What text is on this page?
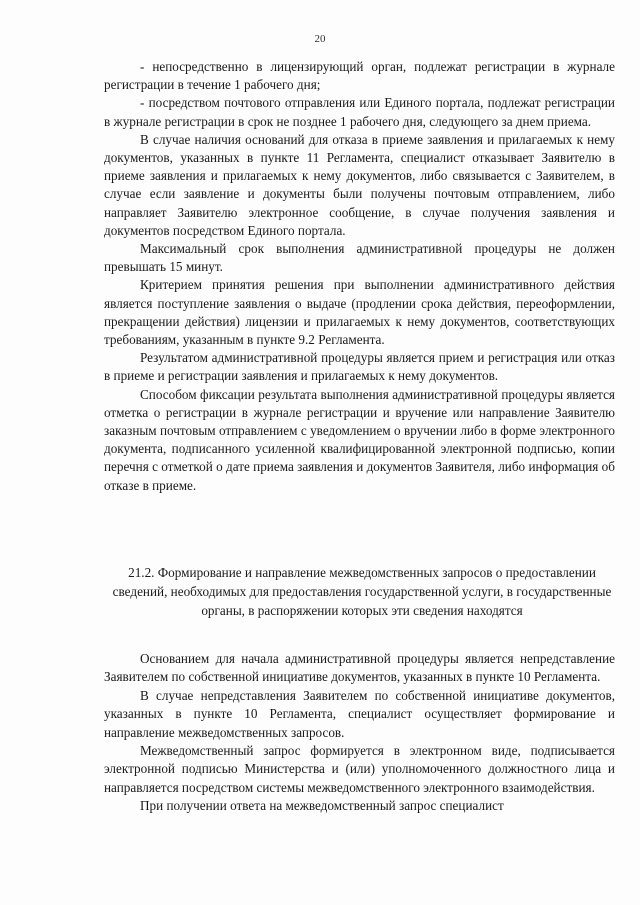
20

- непосредственно в лицензирующий орган, подлежат регистрации в журнале регистрации в течение 1 рабочего дня;

- посредством почтового отправления или Единого портала, подлежат регистрации в журнале регистрации в срок не позднее 1 рабочего дня, следующего за днем приема.

В случае наличия оснований для отказа в приеме заявления и прилагаемых к нему документов, указанных в пункте 11 Регламента, специалист отказывает Заявителю в приеме заявления и прилагаемых к нему документов, либо связывается с Заявителем, в случае если заявление и документы были получены почтовым отправлением, либо направляет Заявителю электронное сообщение, в случае получения заявления и документов посредством Единого портала.

Максимальный срок выполнения административной процедуры не должен превышать 15 минут.

Критерием принятия решения при выполнении административного действия является поступление заявления о выдаче (продлении срока действия, переоформлении, прекращении действия) лицензии и прилагаемых к нему документов, соответствующих требованиям, указанным в пункте 9.2 Регламента.

Результатом административной процедуры является прием и регистрация или отказ в приеме и регистрации заявления и прилагаемых к нему документов.

Способом фиксации результата выполнения административной процедуры является отметка о регистрации в журнале регистрации и вручение или направление Заявителю заказным почтовым отправлением с уведомлением о вручении либо в форме электронного документа, подписанного усиленной квалифицированной электронной подписью, копии перечня с отметкой о дате приема заявления и документов Заявителя, либо информация об отказе в приеме.

21.2. Формирование и направление межведомственных запросов о предоставлении сведений, необходимых для предоставления государственной услуги, в государственные органы, в распоряжении которых эти сведения находятся

Основанием для начала административной процедуры является непредставление Заявителем по собственной инициативе документов, указанных в пункте 10 Регламента.

В случае непредставления Заявителем по собственной инициативе документов, указанных в пункте 10 Регламента, специалист осуществляет формирование и направление межведомственных запросов.

Межведомственный запрос формируется в электронном виде, подписывается электронной подписью Министерства и (или) уполномоченного должностного лица и направляется посредством системы межведомственного электронного взаимодействия.

При получении ответа на межведомственный запрос специалист
